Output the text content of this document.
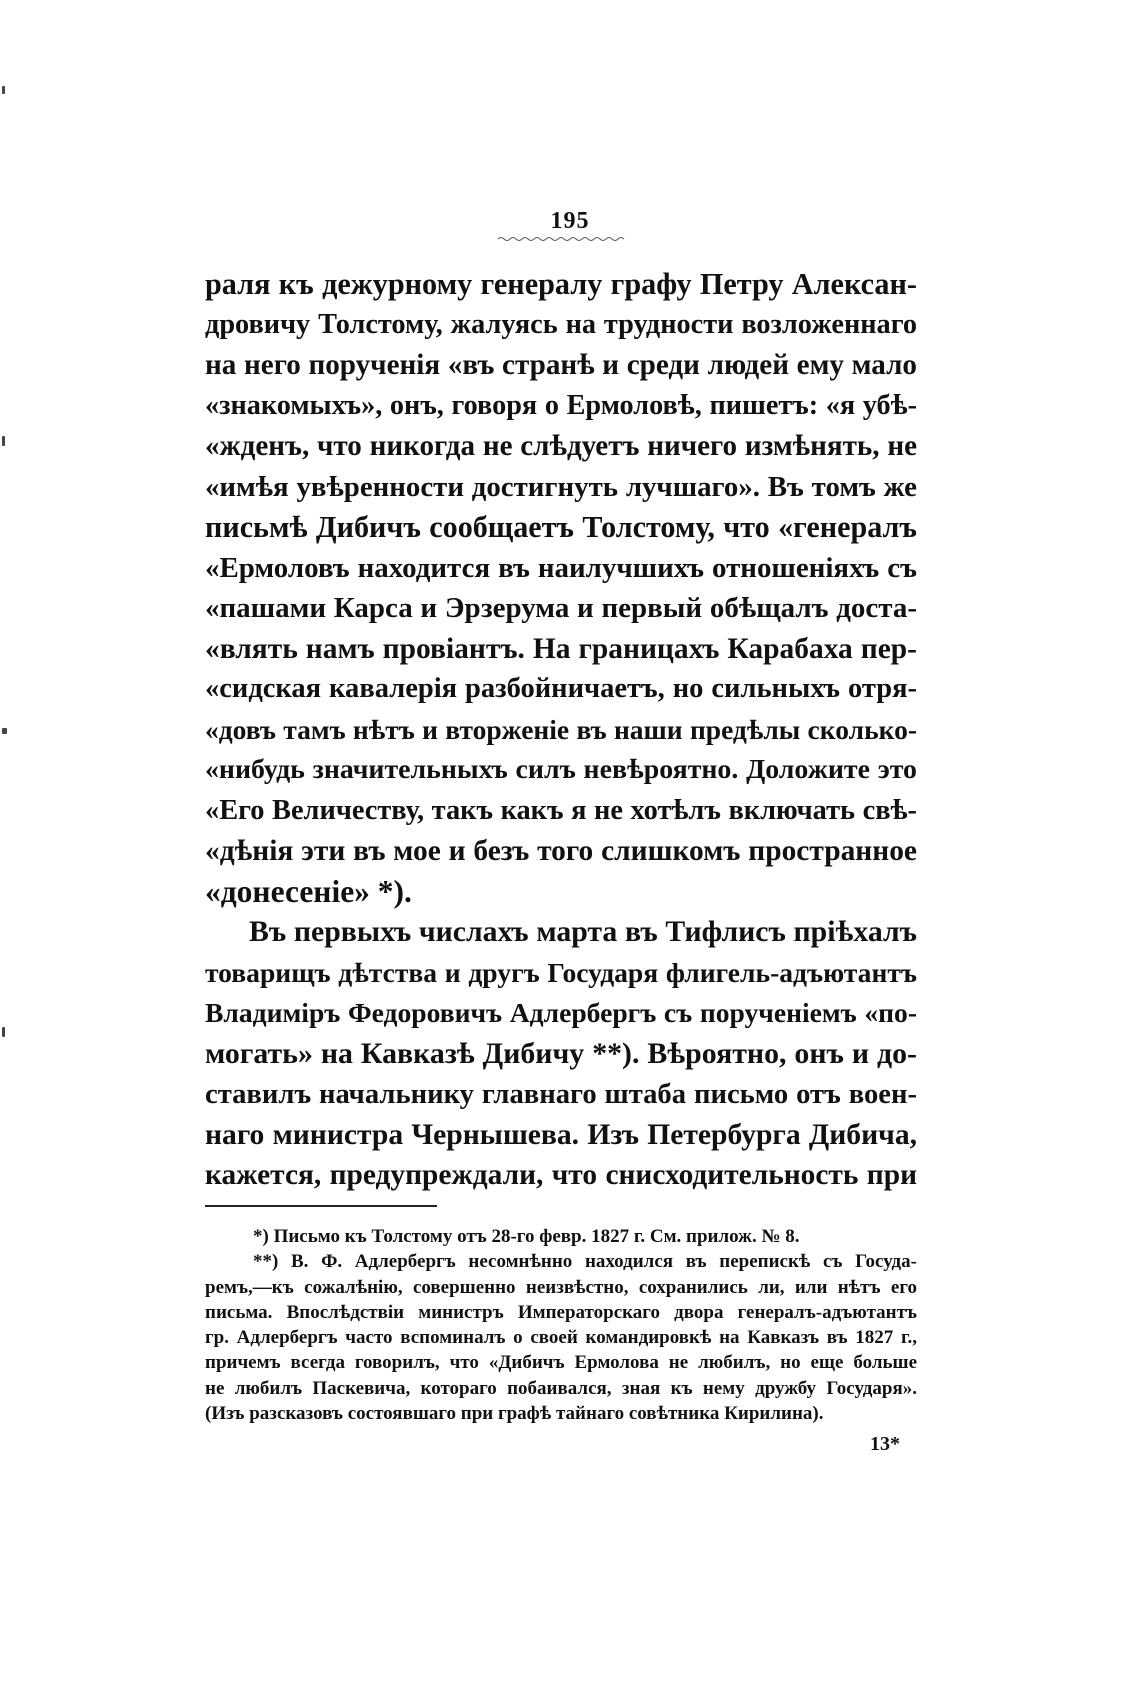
195
раля къ дежурному генералу графу Петру Алексан-
дровичу Толстому, жалуясь на трудности возложеннаго
на него порученія «въ странѣ и среди людей ему мало
«знакомыхъ», онъ, говоря о Ермоловѣ, пишетъ: «я убѣ-
«жденъ, что никогда не слѣдуетъ ничего измѣнять, не
«имѣя увѣренности достигнуть лучшаго». Въ томъ же
письмѣ Дибичъ сообщаетъ Толстому, что «генералъ
«Ермоловъ находится въ наилучшихъ отношеніяхъ съ
«пашами Карса и Эрзерума и первый обѣщалъ доста-
«влять намъ провіантъ. На границахъ Карабаха пер-
«сидская кавалерія разбойничаетъ, но сильныхъ отря-
«довъ тамъ нѣтъ и вторженіе въ наши предѣлы сколько-
«нибудь значительныхъ силъ невѣроятно. Доложите это
«Его Величеству, такъ какъ я не хотѣлъ включать свѣ-
«дѣнія эти въ мое и безъ того слишкомъ пространное
«донесеніе» *).
Въ первыхъ числахъ марта въ Тифлисъ пріѣхалъ
товарищъ дѣтства и другъ Государя флигель-адъютантъ
Владиміръ Федоровичъ Адлербергъ съ порученіемъ «по-
могать» на Кавказѣ Дибичу **). Вѣроятно, онъ и до-
ставилъ начальнику главнаго штаба письмо отъ воен-
наго министра Чернышева. Изъ Петербурга Дибича,
кажется, предупреждали, что снисходительность при
*) Письмо къ Толстому отъ 28-го февр. 1827 г. См. прилож. № 8.
**) В. Ф. Адлербергъ несомнѣнно находился въ перепискѣ съ Госуда-
ремъ,—къ сожалѣнію, совершенно неизвѣстно, сохранились ли, или нѣтъ его
письма. Впослѣдствіи министръ Императорскаго двора генералъ-адъютантъ
гр. Адлербергъ часто вспоминалъ о своей командировкѣ на Кавказъ въ 1827 г.,
причемъ всегда говорилъ, что «Дибичъ Ермолова не любилъ, но еще больше
не любилъ Паскевича, котораго побаивался, зная къ нему дружбу Государя».
(Изъ разсказовъ состоявшаго при графѣ тайнаго совѣтника Кирилина).
13*
